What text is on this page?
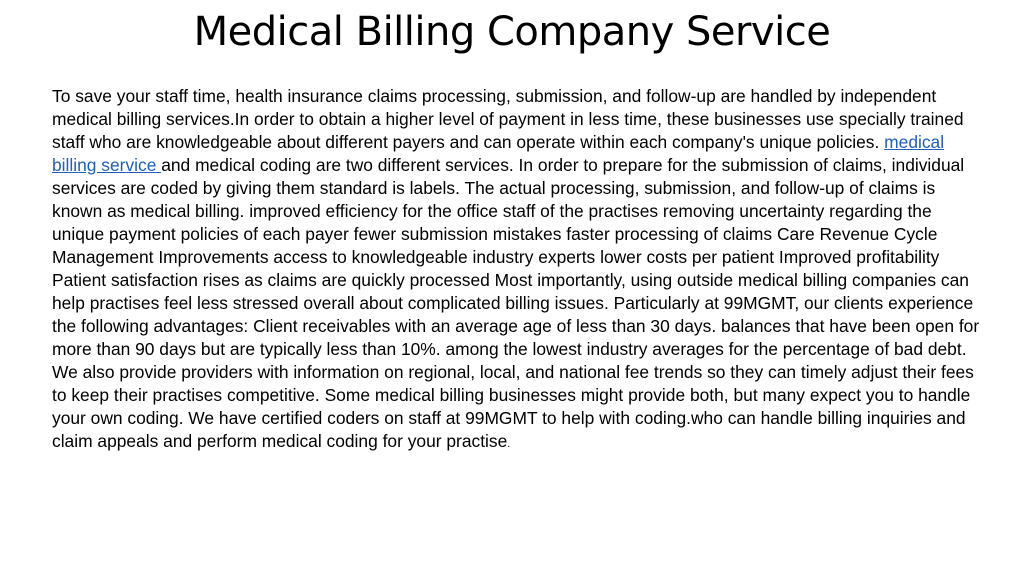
Medical Billing Company Service

To save your staff time, health insurance claims processing, submission, and follow-up are handled by independent medical billing services.In order to obtain a higher level of payment in less time, these businesses use specially trained staff who are knowledgeable about different payers and can operate within each company's unique policies. medical billing service and medical coding are two different services. In order to prepare for the submission of claims, individual services are coded by giving them standard is labels. The actual processing, submission, and follow-up of claims is known as medical billing. improved efficiency for the office staff of the practises removing uncertainty regarding the unique payment policies of each payer fewer submission mistakes faster processing of claims Care Revenue Cycle Management Improvements access to knowledgeable industry experts lower costs per patient Improved profitability Patient satisfaction rises as claims are quickly processed Most importantly, using outside medical billing companies can help practises feel less stressed overall about complicated billing issues. Particularly at 99MGMT, our clients experience the following advantages: Client receivables with an average age of less than 30 days. balances that have been open for more than 90 days but are typically less than 10%. among the lowest industry averages for the percentage of bad debt. We also provide providers with information on regional, local, and national fee trends so they can timely adjust their fees to keep their practises competitive. Some medical billing businesses might provide both, but many expect you to handle your own coding. We have certified coders on staff at 99MGMT to help with coding.who can handle billing inquiries and claim appeals and perform medical coding for your practise.
